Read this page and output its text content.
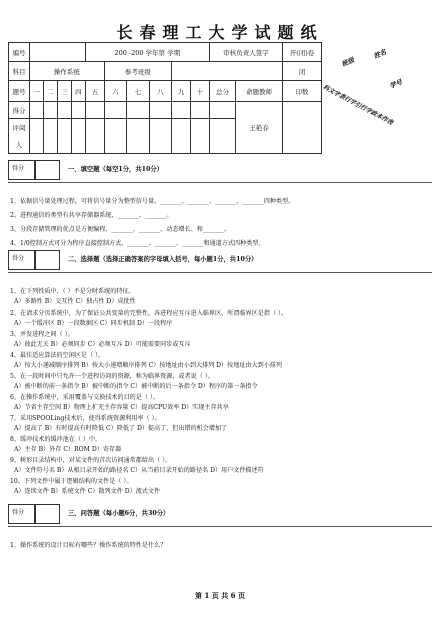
长春理工大学试题纸
编号					200 -200 学年第 学期						审核负责人签字		开(闭)卷
科目	操作系统					参考班级							闭
题号	一	二	三	四	五	六	七	八	九	十	总分	命题教师	印数
得分												王艳春	
评阅

人													
班级
姓名
学号
科文字表行字引行字政本作表
得分	一、填空题（每空1分，共10分）
1、依据信号量处理过程，可将信号量分为整型信号量、_______、_______、_______、_______四种类型。
2、进程通信的类型有共享存储器系统、_______、_______。
3、分段存储管理的优点是方便编程、_______、_______、动态增长、和_______。
4、1/0控制方式可分为程序直接控制方式、_______、_______、_______和通道方式四种类型。
得分	二、选择题（选择正确答案的字母填入括号，每小题1分，共10分）
1、在下列性质中，（ ）不是分时系统的特征。
A）多路性 B）交互性 C）独占性 D）成批性
2、在请求分页系统中，为了保证公共变量的完整性，各进程应互斥进入临界区，所谓临界区是指（ ）。
A）一个缓冲区 B）一段数据区 C）同步机制 D）一段程序
3、并发进程之间（ ）。
A）彼此无关 B）必须同步 C）必须互斥 D）可能需要同步或互斥
4、最佳适应算法的空闲区是（ ）。
A）按大小递减顺序排列 B）按大小递增顺序排列 C）按地址由小到大排列 D）按地址由大到小排列
5、在一段时间中只允许一个进程访问的资源，称为临界资源，或者说（ ）。
A）被中断的前一条指令 B）被中断的指令 C）被中断的后一条指令 D）程序的第一条指令
6、在操作系统中，采用覆盖与交换技术的目的是（ ）。
A）节省主存空间 B）物理上扩充主存容量 C）提高CPU效率 D）实现主存共享
7、采用SPOOLing技术后，使得系统资源利用率（ ）。
A）提高了 B）有时提高有时降低 C）降低了 D）提高了，但出错的机会增加了
8、缓冲技术的缓冲池在（ ）中。
A）主存 B）外存 C）ROM D）寄存器
9、树形目录结构中，对某文件的首次访问通常都给出（ ）。
A）文件符号名 B）从根目录开始的路径名 C）从当前目录开始的路径名 D）用户文件描述符
10、下列文件中属于逻辑结构的文件是（ ）。
A）连续文件 B）系统文件 C）散列文件 D）流式文件
得分	三、问答题（每小题6分，共30分）
1、操作系统的设计目标有哪些？操作系统的特性是什么？
第 1 页 共 6 页
